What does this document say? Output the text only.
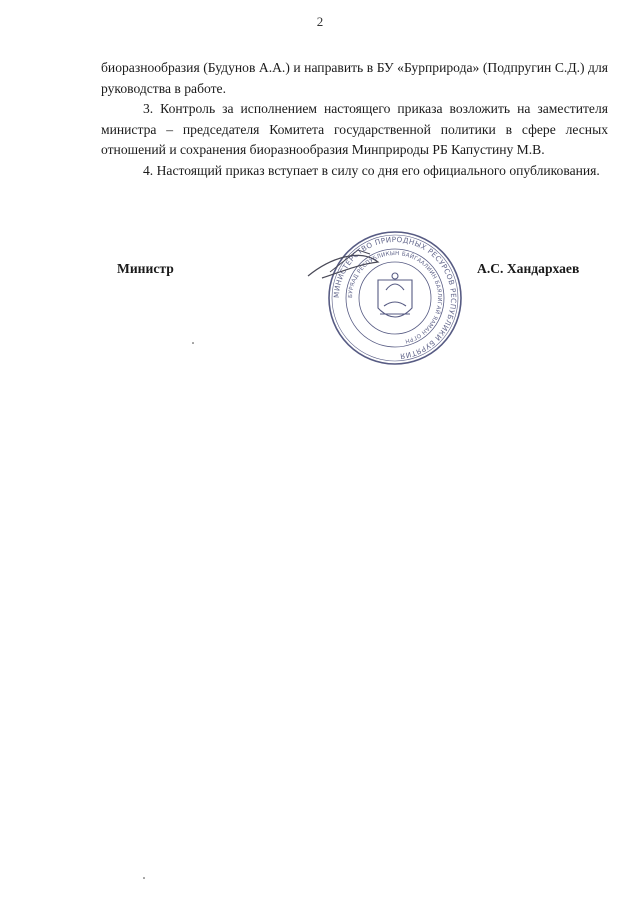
2

биоразнообразия (Будунов А.А.) и направить в БУ «Бурприрода» (Подпругин С.Д.) для руководства в работе.

3. Контроль за исполнением настоящего приказа возложить на заместителя министра – председателя Комитета государственной политики в сфере лесных отношений и сохранения биоразнообразия Минприроды РБ Капустину М.В.

4. Настоящий приказ вступает в силу со дня его официального опубликования.

Министр
МИНИСТЕРСТВО ПРИРОДНЫХ РЕСУРСОВ РЕСПУБЛИКИ БУРЯТИЯ
БУРЯАД РЕСПУБЛИКЫН БАЙГААЛИИН БАЯЛИГАЙ ЯАМАН ОГРН
А.С. Хандархаев
